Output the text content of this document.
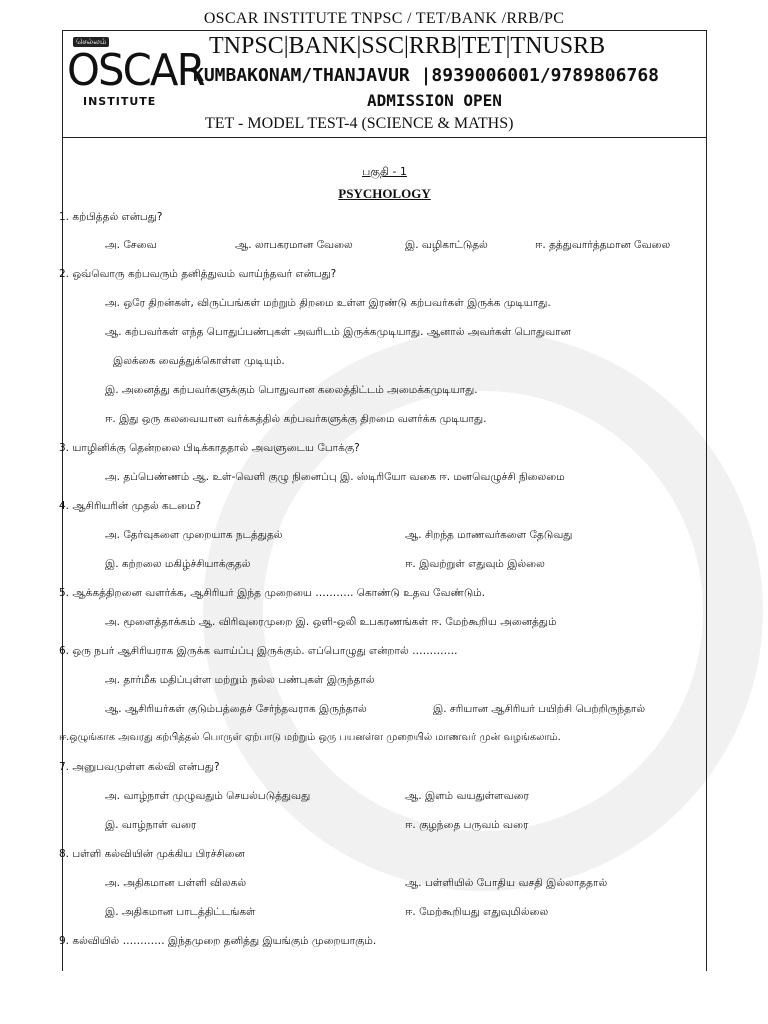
OSCAR INSTITUTE TNPSC / TET/BANK /RRB/PC
செல்லம்
OSCAR
INSTITUTE
TNPSC|BANK|SSC|RRB|TET|TNUSRB
KUMBAKONAM/THANJAVUR |8939006001/9789806768
ADMISSION OPEN
TET - MODEL TEST-4 (SCIENCE & MATHS)
பகுதி - 1
PSYCHOLOGY
1. கற்பித்தல் என்பது?
அ. சேவை	ஆ. லாபகரமான வேலை	இ. வழிகாட்டுதல்	ஈ. தத்துவார்த்தமான வேலை
2. ஒவ்வொரு கற்பவரும் தனித்துவம் வாய்ந்தவர் என்பது?
அ. ஒரே திறன்கள், விருப்பங்கள் மற்றும் திறமை உள்ள இரண்டு கற்பவர்கள் இருக்க முடியாது.
ஆ. கற்பவர்கள் எந்த பொதுப்பண்புகள் அவரிடம் இருக்கமுடியாது. ஆனால் அவர்கள் பொதுவான
இலக்கை வைத்துக்கொள்ள முடியும்.
இ. அனைத்து கற்பவர்களுக்கும் பொதுவான கலைத்திட்டம் அமைக்கமுடியாது.
ஈ. இது ஒரு கலவையான வர்க்கத்தில் கற்பவர்களுக்கு திறமை வளர்க்க முடியாது.
3. யாழினிக்கு தென்றலை பிடிக்காததால் அவளுடைய போக்கு?
அ. தப்பெண்ணம் ஆ. உள்-வெளி குழு நினைப்பு இ. ஸ்டிரியோ வகை ஈ. மனவெழுச்சி நிலைமை
4. ஆசிரியரின் முதல் கடமை?
அ. தேர்வுகளை முறையாக நடத்துதல்	ஆ. சிறந்த மாணவர்களை தேடுவது
இ. கற்றலை மகிழ்ச்சியாக்குதல்	ஈ. இவற்றுள் எதுவும் இல்லை
5. ஆக்கத்திறனை வளர்க்க, ஆசிரியர் இந்த முறையை ……….. கொண்டு உதவ வேண்டும்.
அ. மூளைத்தாக்கம் ஆ. விரிவுரைமுறை இ. ஒளி-ஒலி உபகரணங்கள் ஈ. மேற்கூறிய அனைத்தும்
6. ஒரு நபர் ஆசிரியராக இருக்க வாய்ப்பு இருக்கும். எப்பொழுது என்றால் ………….
அ. தார்மீக மதிப்புள்ள மற்றும் நல்ல பண்புகள் இருந்தால்
ஆ. ஆசிரியர்கள் குடும்பத்தைச் சேர்ந்தவராக இருந்தால்	இ. சரியான ஆசிரியர் பயிற்சி பெற்றிருந்தால்
ஈ.ஒழுங்காக அவரது கற்பித்தல் பொருள் ஏற்பாடு மற்றும் ஒரு பயனள்ள முறையில் மாணவர் முன் வழங்கலாம்.
7. அனுபவமுள்ள கல்வி என்பது?
அ. வாழ்நாள் முழுவதும் செயல்படுத்துவது	ஆ. இளம் வயதுள்ளவரை
இ. வாழ்நாள் வரை	ஈ. குழந்தை பருவம் வரை
8. பள்ளி கல்வியின் முக்கிய பிரச்சினை
அ. அதிகமான பள்ளி விலகல்	ஆ. பள்ளியில் போதிய வசதி இல்லாததால்
இ. அதிகமான பாடத்திட்டங்கள்	ஈ. மேற்கூறியது எதுவுமில்லை
9. கல்வியில் ………… இந்தமுறை தனித்து இயங்கும் முறையாகும்.
